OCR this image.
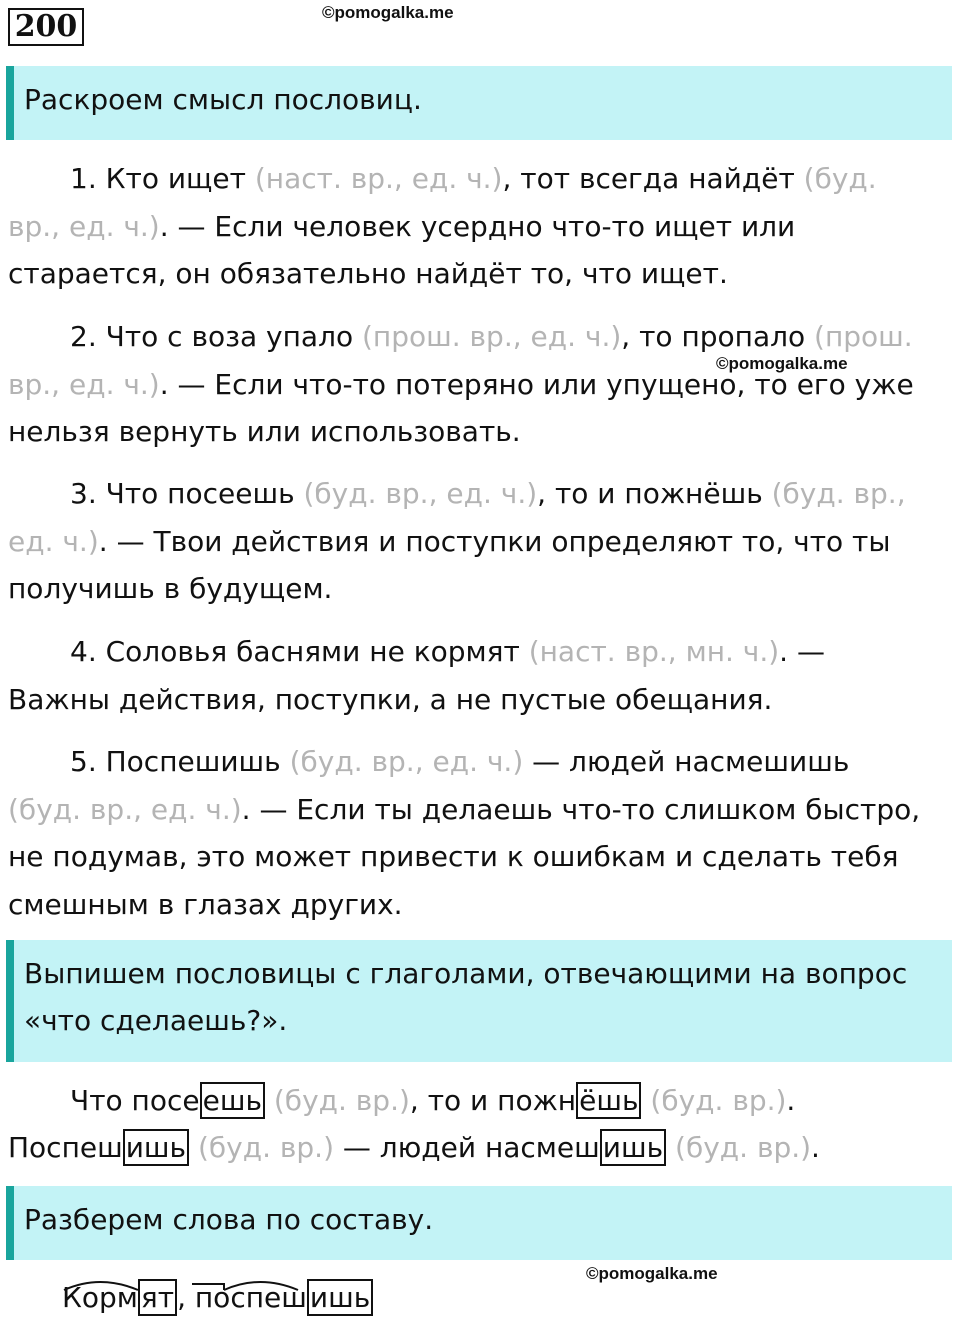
200	©pomogalka.me
Раскроем смысл пословиц.
1. Кто ищет (наст. вр., ед. ч.), тот всегда найдёт (буд. вр., ед. ч.). — Если человек усердно что-то ищет или старается, он обязательно найдёт то, что ищет.
2. Что с воза упало (прош. вр., ед. ч.), то пропало (прош. вр., ед. ч.). — Если что-то потеряно или упущено, то его уже нельзя вернуть или использовать.
©pomogalka.me
3. Что посеешь (буд. вр., ед. ч.), то и пожнёшь (буд. вр., ед. ч.). — Твои действия и поступки определяют то, что ты получишь в будущем.
4. Соловья баснями не кормят (наст. вр., мн. ч.). — Важны действия, поступки, а не пустые обещания.
5. Поспешишь (буд. вр., ед. ч.) — людей насмешишь (буд. вр., ед. ч.). — Если ты делаешь что-то слишком быстро, не подумав, это может привести к ошибкам и сделать тебя смешным в глазах других.
Выпишем пословицы с глаголами, отвечающими на вопрос «что сделаешь?».
Что посе ешь (буд. вр.), то и пожн ёшь (буд. вр.).
Поспеш ишь (буд. вр.) — людей насмеш ишь (буд. вр.).
Разберем слова по составу.
©pomogalka.me
Корм ят , поспеш ишь
